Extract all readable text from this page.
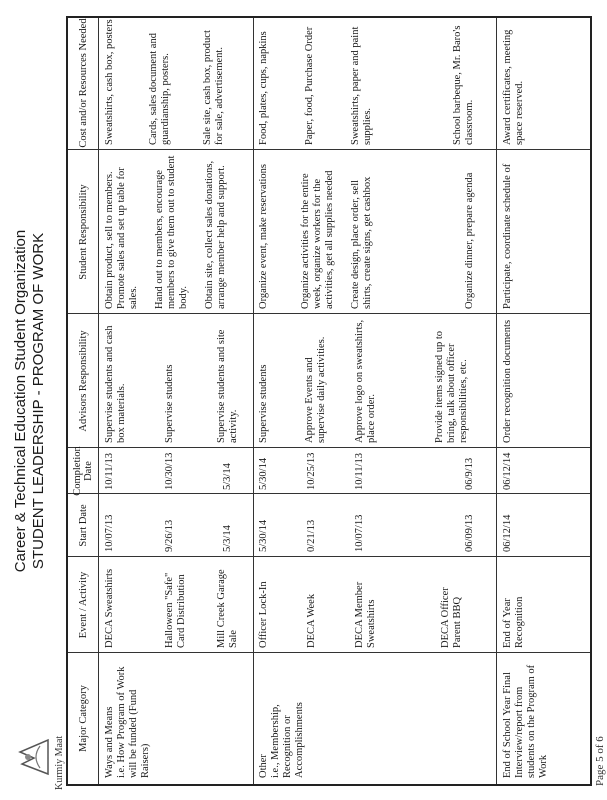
Kurmiy Maat
Career & Technical Education Student Organization STUDENT LEADERSHIP - PROGRAM OF WORK
Major Category
Event / Activity
Start Date
Completion Date
Advisors Responsibility
Student Responsibility
Cost and/or Resources Needed
Ways and Means
i.e. How Program of Work will be funded (Fund Raisers)
DECA Sweatshirts
10/07/13
10/11/13
Supervise students and cash box materials.
Obtain product, sell to members. Promote sales and set up table for sales.
Sweatshirts, cash box, posters
Halloween "Safe" Card Distribution
9/26/13
10/30/13
Supervise students
Hand out to members, encourage members to give them out to student body.
Cards, sales document and guardianship, posters.
Mill Creek Garage Sale
5/3/14
5/3/14
Supervise students and site activity.
Obtain site, collect sales donations, arrange member help and support.
Sale site, cash box, product for sale, advertisement.
Other
i.e., Membership, Recognition or Accomplishments
Officer Lock-In
5/30/14
5/30/14
Supervise students
Organize event, make reservations
Food, plates, cups, napkins
DECA Week
0/21/13
10/25/13
Approve Events and supervise daily activities.
Organize activities for the entire week, organize workers for the activities, get all supplies needed
Paper, food, Purchase Order
DECA Member Sweatshirts
10/07/13
10/11/13
Approve logo on sweatshirts, place order.
Create design, place order, sell shirts, create signs, get cashbox
Sweatshirts, paper and paint supplies.
DECA Officer Parent BBQ
06/09/13
06/9/13
Provide items signed up to bring, talk about officer responsibilities, etc.
Organize dinner, prepare agenda
School barbeque, Mr. Baro's classroom.
End of School Year Final Interview/report from students on the Program of Work
End of Year Recognition
06/12/14
06/12/14
Order recognition documents
Participate, coordinate schedule of
Award certificates, meeting space reserved.
Page 5 of 6
